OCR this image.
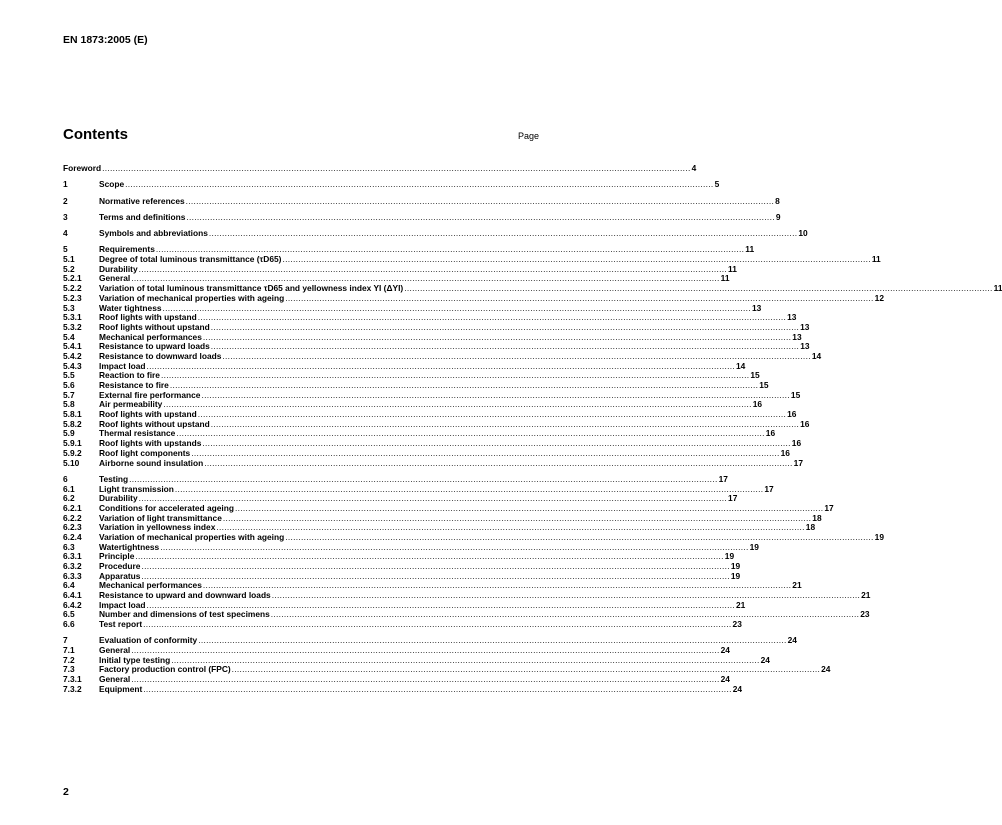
EN 1873:2005 (E)
Contents	Page
Foreword .....	4
1	Scope .....	5
2	Normative references .....	8
3	Terms and definitions .....	9
4	Symbols and abbreviations .....	10
5	Requirements .....	11
5.1	Degree of total luminous transmittance (τD65) .....	11
5.2	Durability .....	11
5.2.1	General .....	11
5.2.2	Variation of total luminous transmittance τD65 and yellowness index YI (ΔYI) .....	11
5.2.3	Variation of mechanical properties with ageing .....	12
5.3	Water tightness .....	13
5.3.1	Roof lights with upstand .....	13
5.3.2	Roof lights without upstand .....	13
5.4	Mechanical performances .....	13
5.4.1	Resistance to upward loads .....	13
5.4.2	Resistance to downward loads .....	14
5.4.3	Impact load .....	14
5.5	Reaction to fire .....	15
5.6	Resistance to fire .....	15
5.7	External fire performance .....	15
5.8	Air permeability .....	16
5.8.1	Roof lights with upstand .....	16
5.8.2	Roof lights without upstand .....	16
5.9	Thermal resistance .....	16
5.9.1	Roof lights with upstands .....	16
5.9.2	Roof light components .....	16
5.10	Airborne sound insulation .....	17
6	Testing .....	17
6.1	Light transmission .....	17
6.2	Durability .....	17
6.2.1	Conditions for accelerated ageing .....	17
6.2.2	Variation of light transmittance .....	18
6.2.3	Variation in yellowness index .....	18
6.2.4	Variation of mechanical properties with ageing .....	19
6.3	Watertightness .....	19
6.3.1	Principle .....	19
6.3.2	Procedure .....	19
6.3.3	Apparatus .....	19
6.4	Mechanical performances .....	21
6.4.1	Resistance to upward and downward loads .....	21
6.4.2	Impact load .....	21
6.5	Number and dimensions of test specimens .....	23
6.6	Test report .....	23
7	Evaluation of conformity .....	24
7.1	General .....	24
7.2	Initial type testing .....	24
7.3	Factory production control (FPC) .....	24
7.3.1	General .....	24
7.3.2	Equipment .....	24
2
